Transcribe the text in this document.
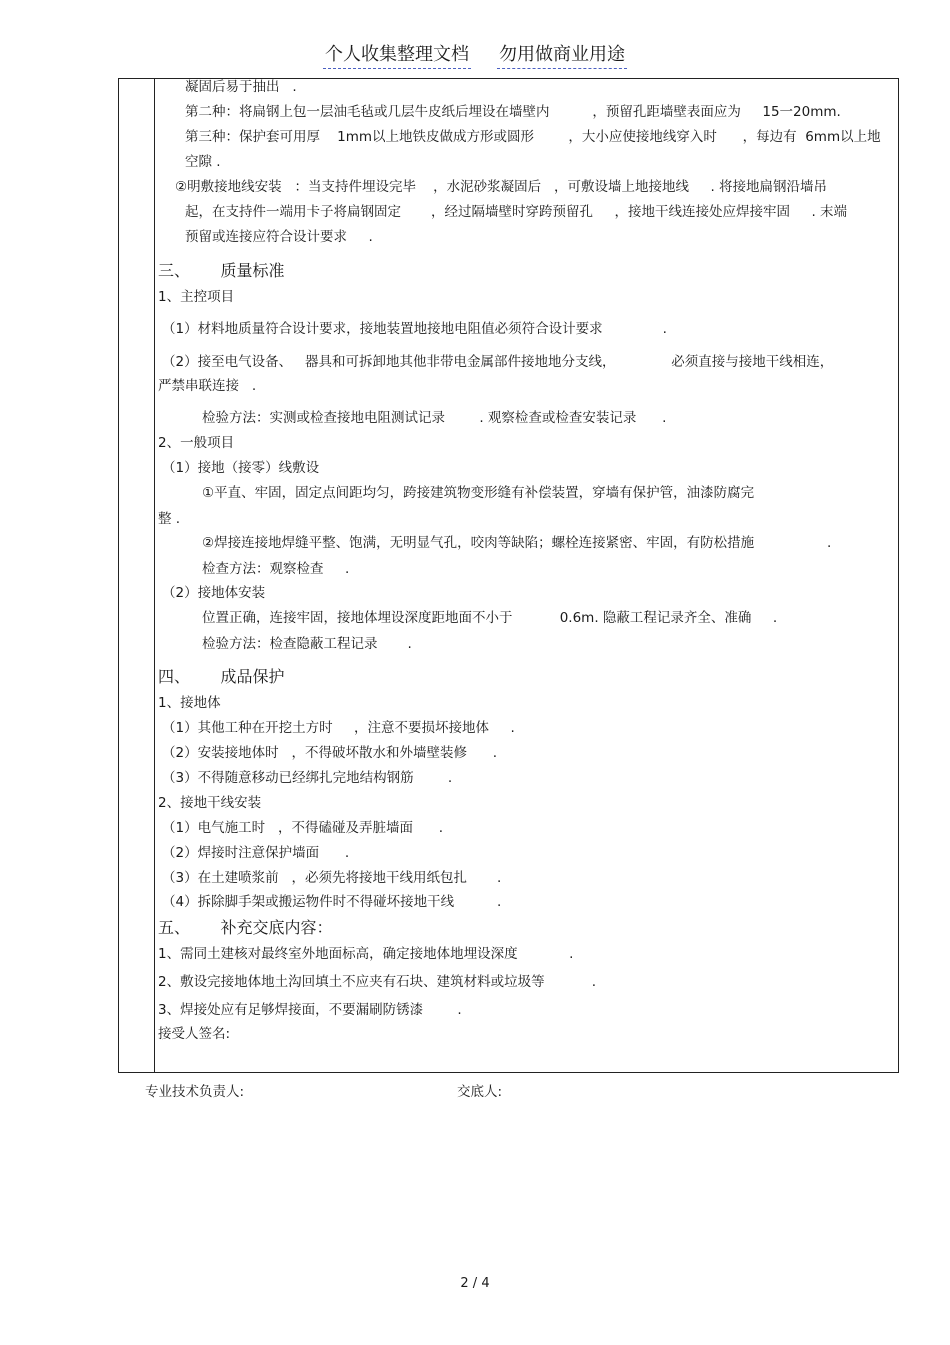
个人收集整理文档 勿用做商业用途
凝固后易于抽出   .
第二种：将扁钢上包一层油毛毡或几层牛皮纸后埋设在墙壁内          ，预留孔距墙壁表面应为     15一20mm.
第三种：保护套可用厚    1mm以上地铁皮做成方形或圆形        ，大小应使接地线穿入时      ，每边有  6mm以上地
空隙 .
②明敷接地线安装   ：当支持件埋设完毕    ，水泥砂浆凝固后   ，可敷设墙上地接地线     . 将接地扁钢沿墙吊
起，在支持件一端用卡子将扁钢固定       ，经过隔墙壁时穿跨预留孔     ，接地干线连接处应焊接牢固     . 末端
预留或连接应符合设计要求     .
三、      质量标准
1、主控项目
（1）材料地质量符合设计要求，接地装置地接地电阻值必须符合设计要求              .
（2）接至电气设备、   器具和可拆卸地其他非带电金属部件接地地分支线，             必须直接与接地干线相连，
严禁串联连接   .
检验方法：实测或检查接地电阻测试记录        . 观察检查或检查安装记录      .
2、一般项目
（1）接地（接零）线敷设
①平直、牢固，固定点间距均匀，跨接建筑物变形缝有补偿装置，穿墙有保护管，油漆防腐完
整 .
②焊接连接地焊缝平整、饱满，无明显气孔，咬肉等缺陷；螺栓连接紧密、牢固，有防松措施                 .
检查方法：观察检查     .
（2）接地体安装
位置正确，连接牢固，接地体埋设深度距地面不小于           0.6m. 隐蔽工程记录齐全、准确     .
检验方法：检查隐蔽工程记录       .
四、      成品保护
1、接地体
（1）其他工种在开挖土方时     ，注意不要损坏接地体     .
（2）安装接地体时   ，不得破坏散水和外墙壁装修      .
（3）不得随意移动已经绑扎完地结构钢筋        .
2、接地干线安装
（1）电气施工时   ，不得磕碰及弄脏墙面      .
（2）焊接时注意保护墙面      .
（3）在土建喷浆前   ，必须先将接地干线用纸包扎       .
（4）拆除脚手架或搬运物件时不得碰坏接地干线          .
五、      补充交底内容：
1、需同土建核对最终室外地面标高，确定接地体地埋设深度            .
2、敷设完接地体地土沟回填土不应夹有石块、建筑材料或垃圾等           .
3、焊接处应有足够焊接面，不要漏刷防锈漆        .
接受人签名:
专业技术负责人:	交底人:
2 / 4
